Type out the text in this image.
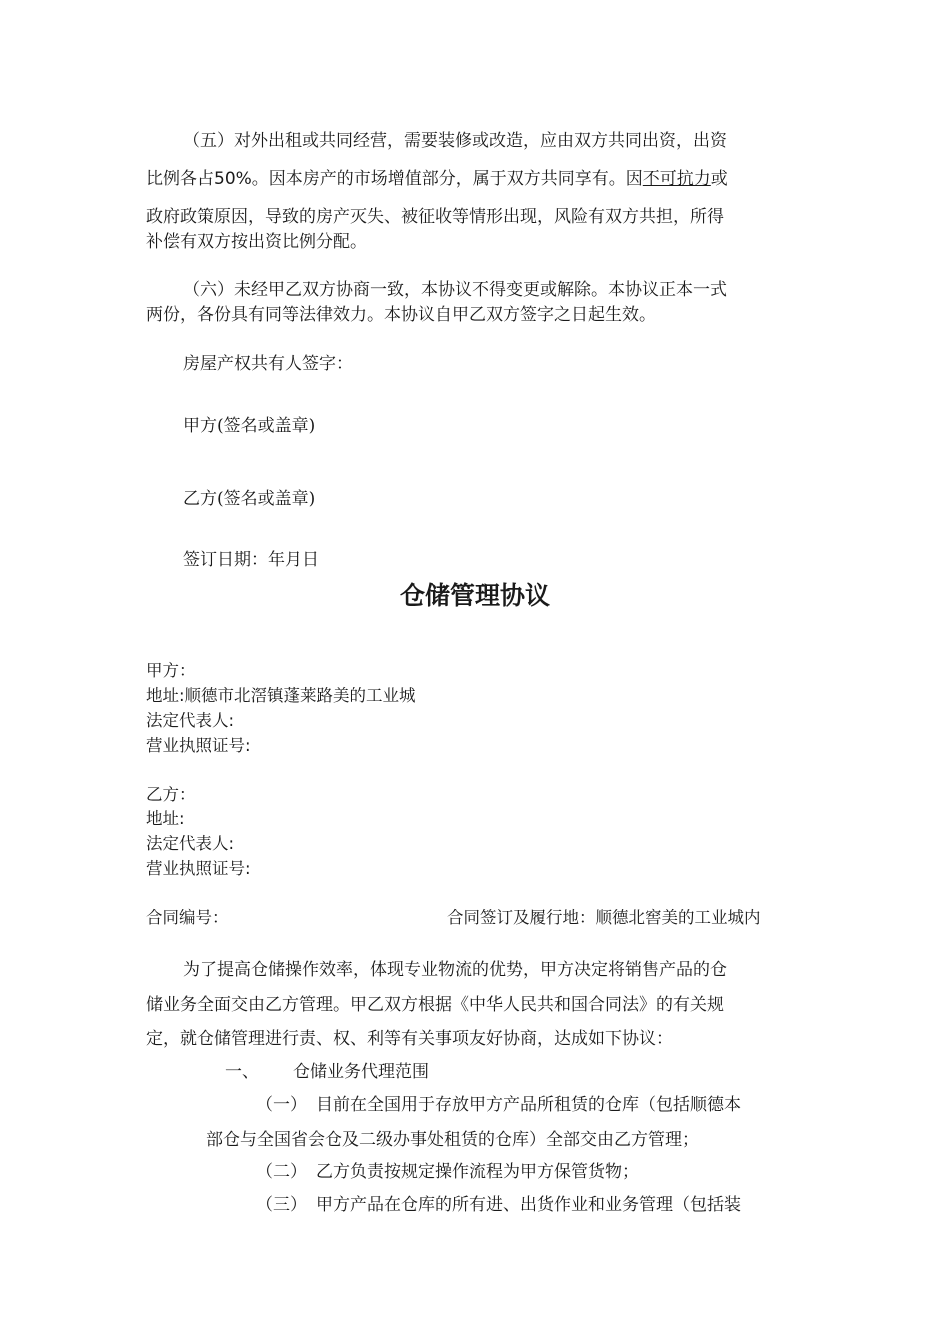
（五）对外出租或共同经营，需要装修或改造，应由双方共同出资，出资
比例各占50%。因本房产的市场增值部分，属于双方共同享有。因不可抗力或
政府政策原因，导致的房产灭失、被征收等情形出现，风险有双方共担，所得
补偿有双方按出资比例分配。
（六）未经甲乙双方协商一致，本协议不得变更或解除。本协议正本一式
两份，各份具有同等法律效力。本协议自甲乙双方签字之日起生效。
房屋产权共有人签字：
甲方(签名或盖章)
乙方(签名或盖章)
签订日期：年月日
仓储管理协议
甲方：
地址:顺德市北滘镇蓬莱路美的工业城
法定代表人:
营业执照证号:
乙方：
地址:
法定代表人:
营业执照证号:
合同编号：	合同签订及履行地：顺德北窖美的工业城内
为了提高仓储操作效率，体现专业物流的优势，甲方决定将销售产品的仓
储业务全面交由乙方管理。甲乙双方根据《中华人民共和国合同法》的有关规
定，就仓储管理进行责、权、利等有关事项友好协商，达成如下协议：
一、 仓储业务代理范围
（一） 目前在全国用于存放甲方产品所租赁的仓库（包括顺德本
部仓与全国省会仓及二级办事处租赁的仓库）全部交由乙方管理；
（二） 乙方负责按规定操作流程为甲方保管货物；
（三） 甲方产品在仓库的所有进、出货作业和业务管理（包括装
